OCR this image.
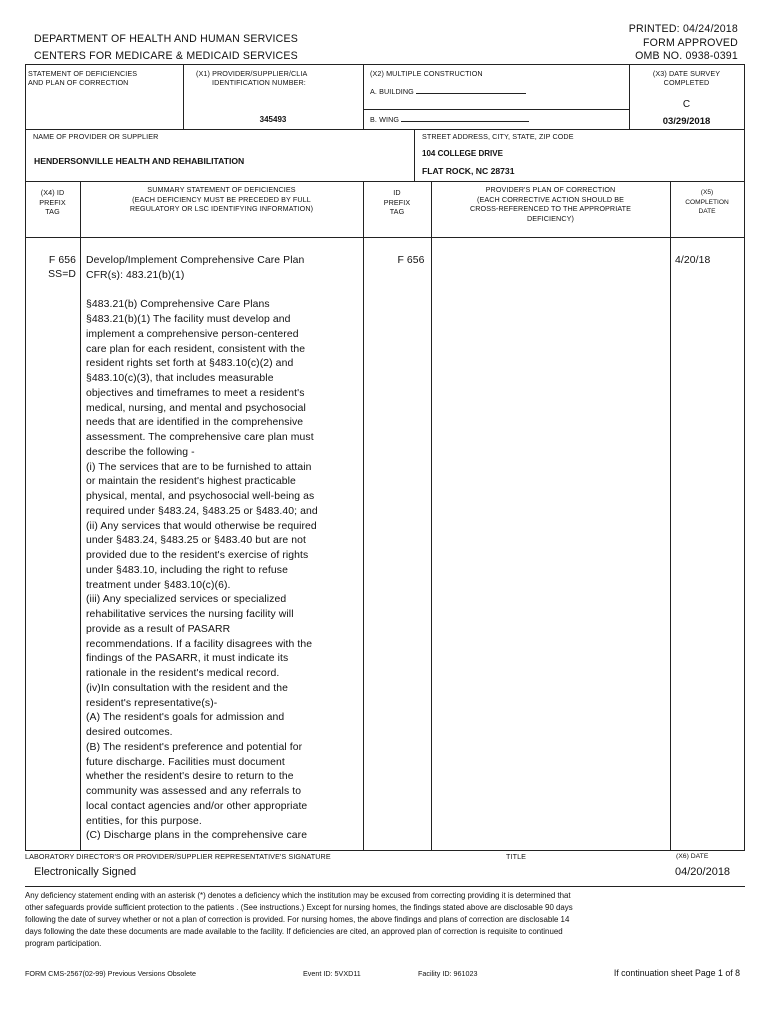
DEPARTMENT OF HEALTH AND HUMAN SERVICES
CENTERS FOR MEDICARE & MEDICAID SERVICES
PRINTED: 04/24/2018
FORM APPROVED
OMB NO. 0938-0391
STATEMENT OF DEFICIENCIES
AND PLAN OF CORRECTION
(X1) PROVIDER/SUPPLIER/CLIA
IDENTIFICATION NUMBER:
345493
(X2) MULTIPLE CONSTRUCTION
A. BUILDING
B. WING
(X3) DATE SURVEY
COMPLETED
C
03/29/2018
NAME OF PROVIDER OR SUPPLIER
HENDERSONVILLE HEALTH AND REHABILITATION
STREET ADDRESS, CITY, STATE, ZIP CODE
104 COLLEGE DRIVE
FLAT ROCK, NC 28731
(X4) ID
PREFIX
TAG
SUMMARY STATEMENT OF DEFICIENCIES
(EACH DEFICIENCY MUST BE PRECEDED BY FULL
REGULATORY OR LSC IDENTIFYING INFORMATION)
ID
PREFIX
TAG
PROVIDER'S PLAN OF CORRECTION
(EACH CORRECTIVE ACTION SHOULD BE
CROSS-REFERENCED TO THE APPROPRIATE
DEFICIENCY)
(X5)
COMPLETION
DATE
F 656
SS=D
Develop/Implement Comprehensive Care Plan
CFR(s): 483.21(b)(1)
§483.21(b) Comprehensive Care Plans
§483.21(b)(1) The facility must develop and
implement a comprehensive person-centered
care plan for each resident, consistent with the
resident rights set forth at §483.10(c)(2) and
§483.10(c)(3), that includes measurable
objectives and timeframes to meet a resident's
medical, nursing, and mental and psychosocial
needs that are identified in the comprehensive
assessment. The comprehensive care plan must
describe the following -
(i) The services that are to be furnished to attain
or maintain the resident's highest practicable
physical, mental, and psychosocial well-being as
required under §483.24, §483.25 or §483.40; and
(ii) Any services that would otherwise be required
under §483.24, §483.25 or §483.40 but are not
provided due to the resident's exercise of rights
under §483.10, including the right to refuse
treatment under §483.10(c)(6).
(iii) Any specialized services or specialized
rehabilitative services the nursing facility will
provide as a result of PASARR
recommendations. If a facility disagrees with the
findings of the PASARR, it must indicate its
rationale in the resident's medical record.
(iv)In consultation with the resident and the
resident's representative(s)-
(A) The resident's goals for admission and
desired outcomes.
(B) The resident's preference and potential for
future discharge. Facilities must document
whether the resident's desire to return to the
community was assessed and any referrals to
local contact agencies and/or other appropriate
entities, for this purpose.
(C) Discharge plans in the comprehensive care
F 656	4/20/18
LABORATORY DIRECTOR'S OR PROVIDER/SUPPLIER REPRESENTATIVE'S SIGNATURE	TITLE	(X6) DATE
Electronically Signed	04/20/2018
Any deficiency statement ending with an asterisk (*) denotes a deficiency which the institution may be excused from correcting providing it is determined that
other safeguards provide sufficient protection to the patients . (See instructions.) Except for nursing homes, the findings stated above are disclosable 90 days
following the date of survey whether or not a plan of correction is provided. For nursing homes, the above findings and plans of correction are disclosable 14
days following the date these documents are made available to the facility. If deficiencies are cited, an approved plan of correction is requisite to continued
program participation.
FORM CMS-2567(02-99) Previous Versions Obsolete	Event ID: 5VXD11	Facility ID: 961023	If continuation sheet Page 1 of 8
